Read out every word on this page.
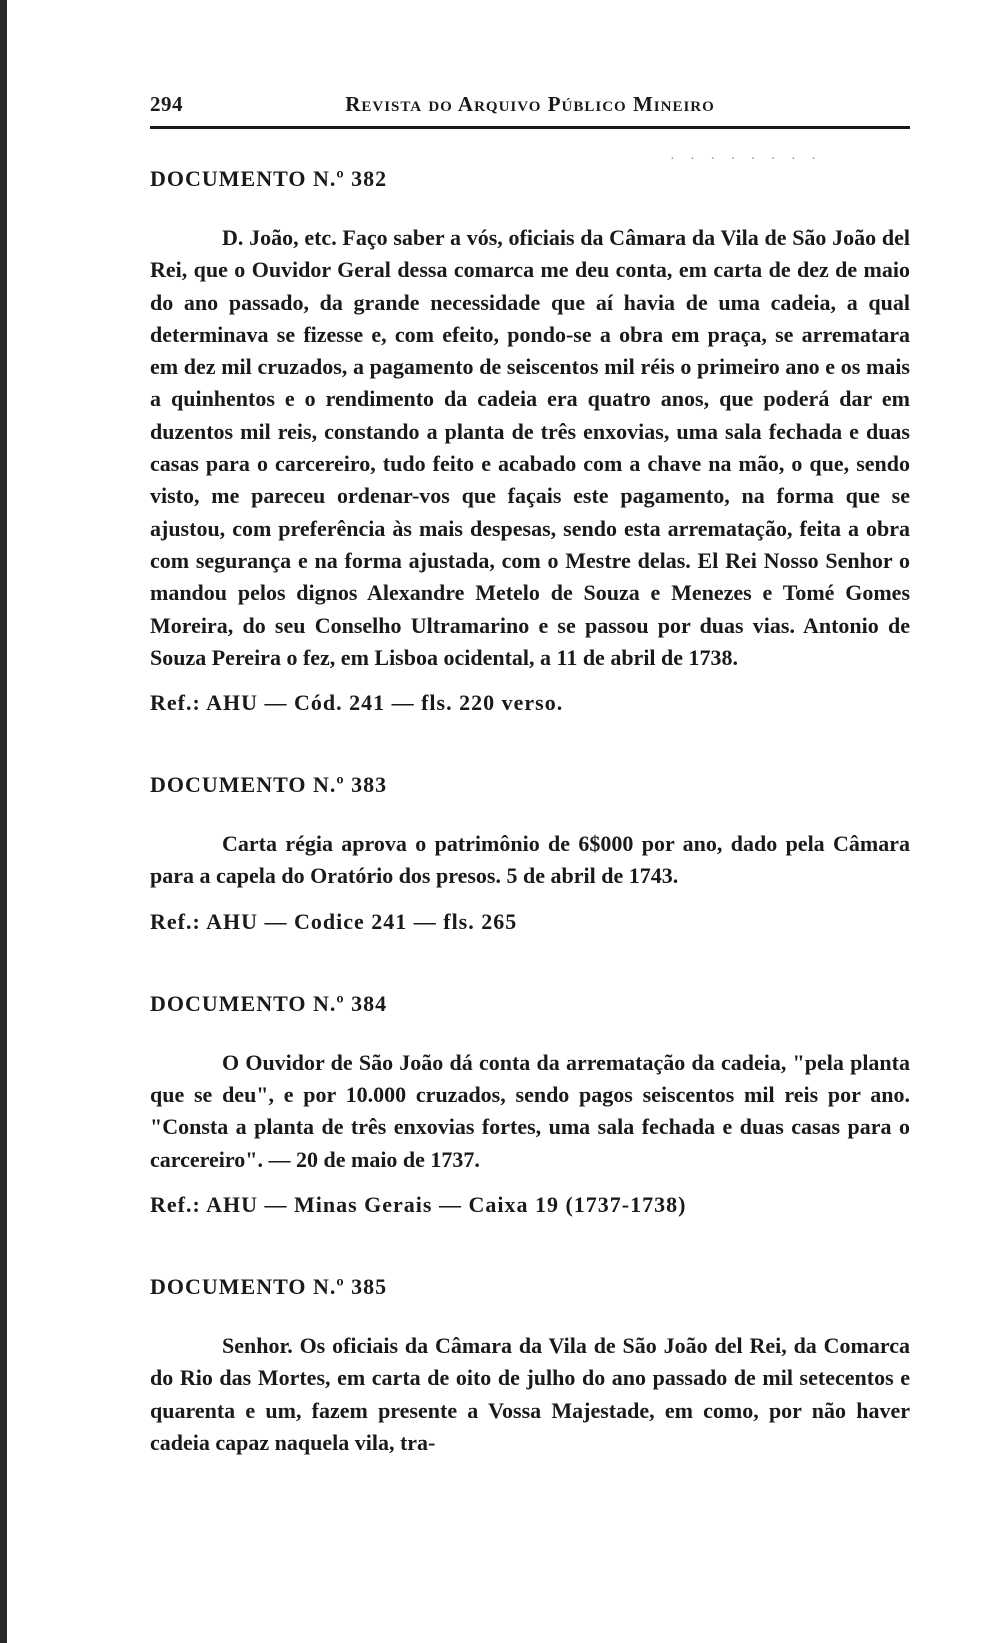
294	Revista do Arquivo Público Mineiro
· · · · · · · ·

DOCUMENTO N.º 382

D. João, etc. Faço saber a vós, oficiais da Câmara da Vila de São João del Rei, que o Ouvidor Geral dessa comarca me deu conta, em carta de dez de maio do ano passado, da grande necessidade que aí havia de uma cadeia, a qual determinava se fizesse e, com efeito, pondo-se a obra em praça, se arrematara em dez mil cruzados, a pagamento de seiscentos mil réis o primeiro ano e os mais a quinhentos e o rendimento da cadeia era quatro anos, que poderá dar em duzentos mil reis, constando a planta de três enxovias, uma sala fechada e duas casas para o carcereiro, tudo feito e acabado com a chave na mão, o que, sendo visto, me pareceu ordenar-vos que façais este pagamento, na forma que se ajustou, com preferência às mais despesas, sendo esta arrematação, feita a obra com segurança e na forma ajustada, com o Mestre delas. El Rei Nosso Senhor o mandou pelos dignos Alexandre Metelo de Souza e Menezes e Tomé Gomes Moreira, do seu Conselho Ultramarino e se passou por duas vias. Antonio de Souza Pereira o fez, em Lisboa ocidental, a 11 de abril de 1738.

Ref.: AHU — Cód. 241 — fls. 220 verso.

DOCUMENTO N.º 383

Carta régia aprova o patrimônio de 6$000 por ano, dado pela Câmara para a capela do Oratório dos presos. 5 de abril de 1743.

Ref.: AHU — Codice 241 — fls. 265

DOCUMENTO N.º 384

O Ouvidor de São João dá conta da arrematação da cadeia, "pela planta que se deu", e por 10.000 cruzados, sendo pagos seiscentos mil reis por ano. "Consta a planta de três enxovias fortes, uma sala fechada e duas casas para o carcereiro". — 20 de maio de 1737.

Ref.: AHU — Minas Gerais — Caixa 19 (1737-1738)

DOCUMENTO N.º 385

Senhor. Os oficiais da Câmara da Vila de São João del Rei, da Comarca do Rio das Mortes, em carta de oito de julho do ano passado de mil setecentos e quarenta e um, fazem presente a Vossa Majestade, em como, por não haver cadeia capaz naquela vila, tra-
